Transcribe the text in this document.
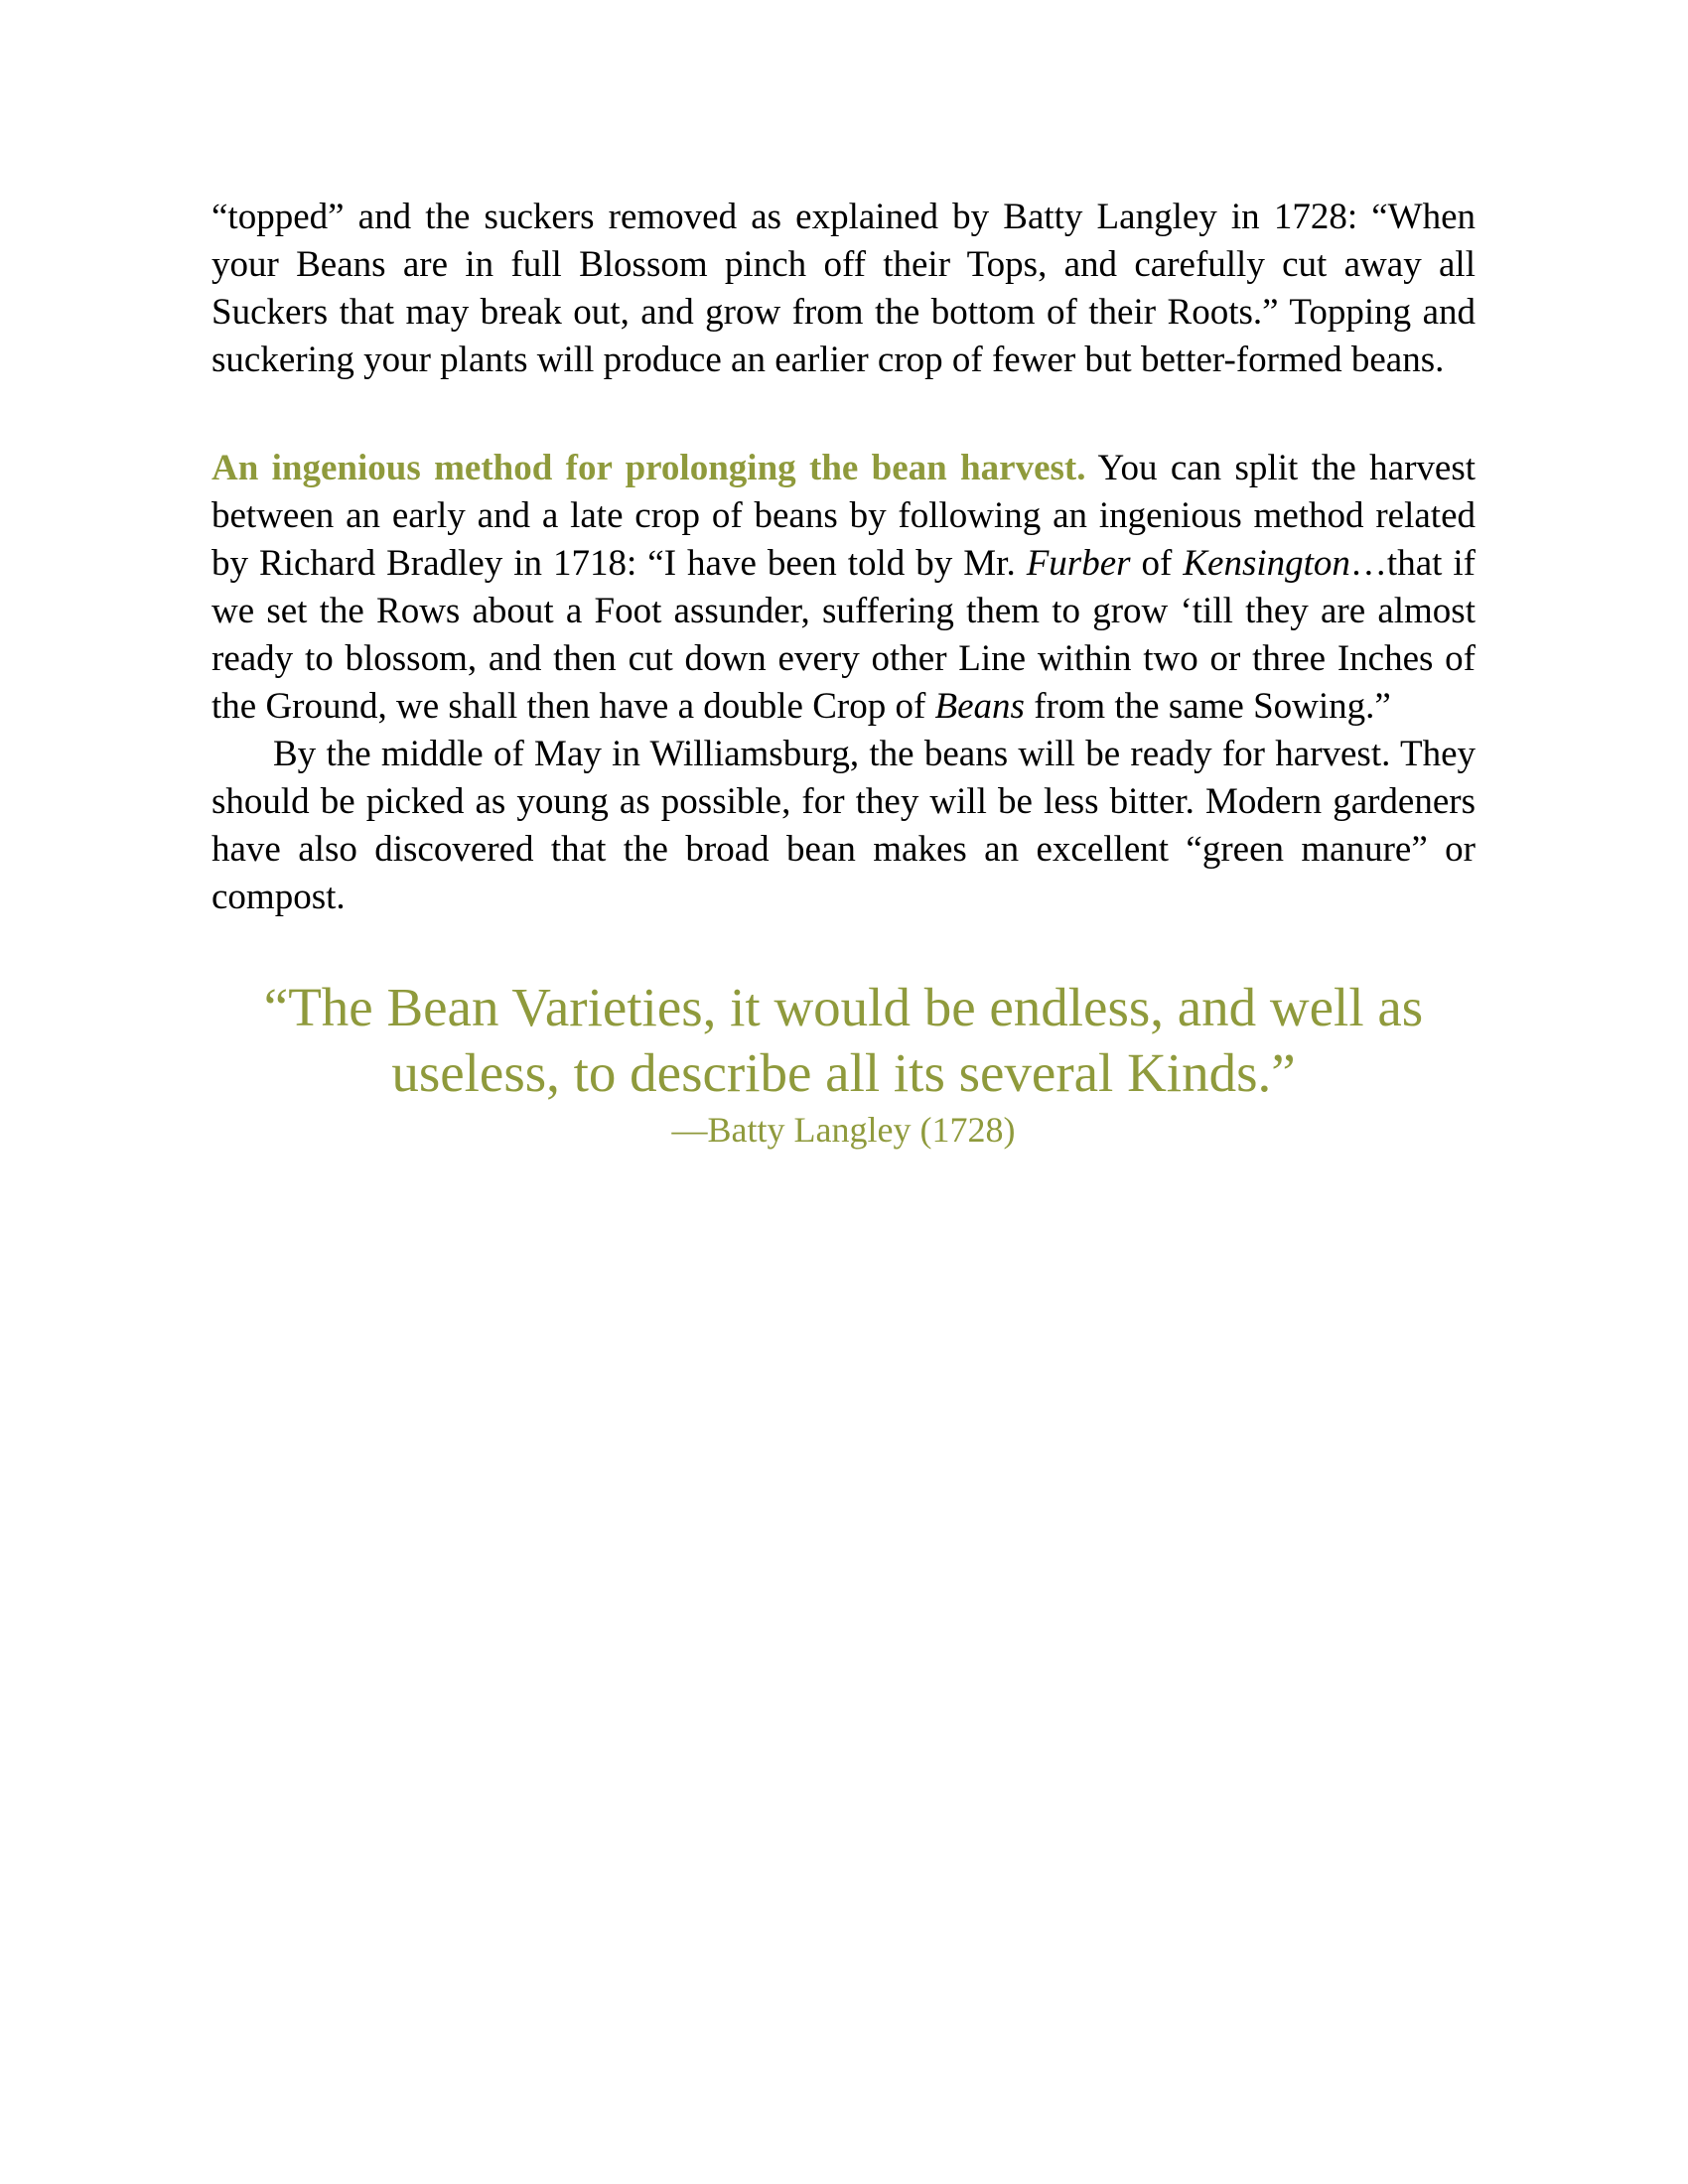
“topped” and the suckers removed as explained by Batty Langley in 1728: “When your Beans are in full Blossom pinch off their Tops, and carefully cut away all Suckers that may break out, and grow from the bottom of their Roots.” Topping and suckering your plants will produce an earlier crop of fewer but better-formed beans.

An ingenious method for prolonging the bean harvest. You can split the harvest between an early and a late crop of beans by following an ingenious method related by Richard Bradley in 1718: “I have been told by Mr. Furber of Kensington…that if we set the Rows about a Foot assunder, suffering them to grow ‘till they are almost ready to blossom, and then cut down every other Line within two or three Inches of the Ground, we shall then have a double Crop of Beans from the same Sowing.”

By the middle of May in Williamsburg, the beans will be ready for harvest. They should be picked as young as possible, for they will be less bitter. Modern gardeners have also discovered that the broad bean makes an excellent “green manure” or compost.

“The Bean Varieties, it would be endless, and well as

useless, to describe all its several Kinds.”

—Batty Langley (1728)
